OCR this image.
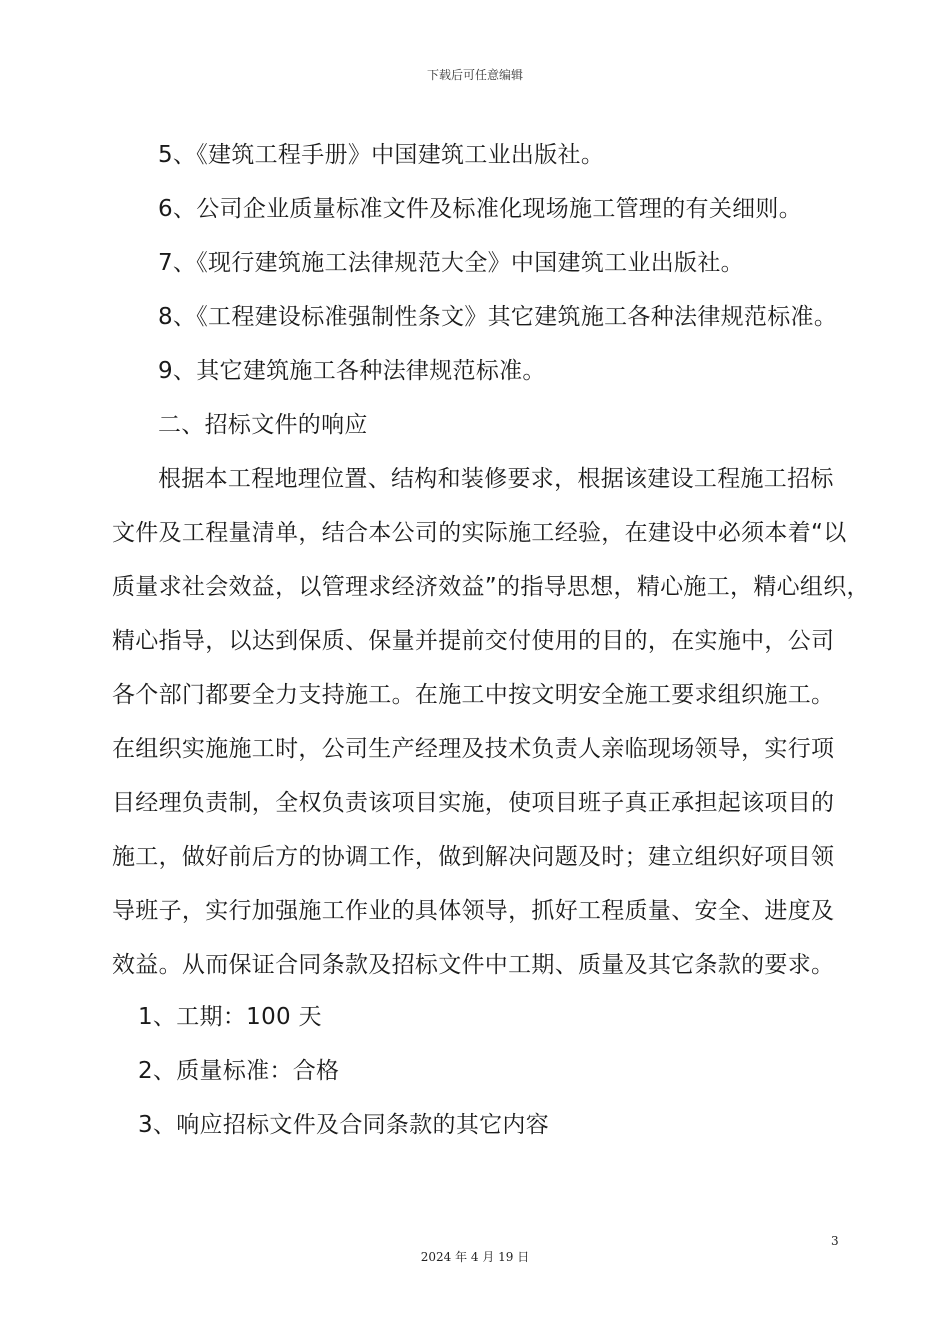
下载后可任意编辑
5、《建筑工程手册》中国建筑工业出版社。
6、公司企业质量标准文件及标准化现场施工管理的有关细则。
7、《现行建筑施工法律规范大全》中国建筑工业出版社。
8、《工程建设标准强制性条文》其它建筑施工各种法律规范标准。
9、其它建筑施工各种法律规范标准。
二、招标文件的响应
根据本工程地理位置、结构和装修要求，根据该建设工程施工招标
文件及工程量清单，结合本公司的实际施工经验，在建设中必须本着“以
质量求社会效益，以管理求经济效益”的指导思想，精心施工，精心组织，
精心指导，以达到保质、保量并提前交付使用的目的，在实施中，公司
各个部门都要全力支持施工。在施工中按文明安全施工要求组织施工。
在组织实施施工时，公司生产经理及技术负责人亲临现场领导，实行项
目经理负责制，全权负责该项目实施，使项目班子真正承担起该项目的
施工，做好前后方的协调工作，做到解决问题及时；建立组织好项目领
导班子，实行加强施工作业的具体领导，抓好工程质量、安全、进度及
效益。从而保证合同条款及招标文件中工期、质量及其它条款的要求。
1、工期：100 天
2、质量标准：合格
3、响应招标文件及合同条款的其它内容
3
2024 年 4 月 19 日
